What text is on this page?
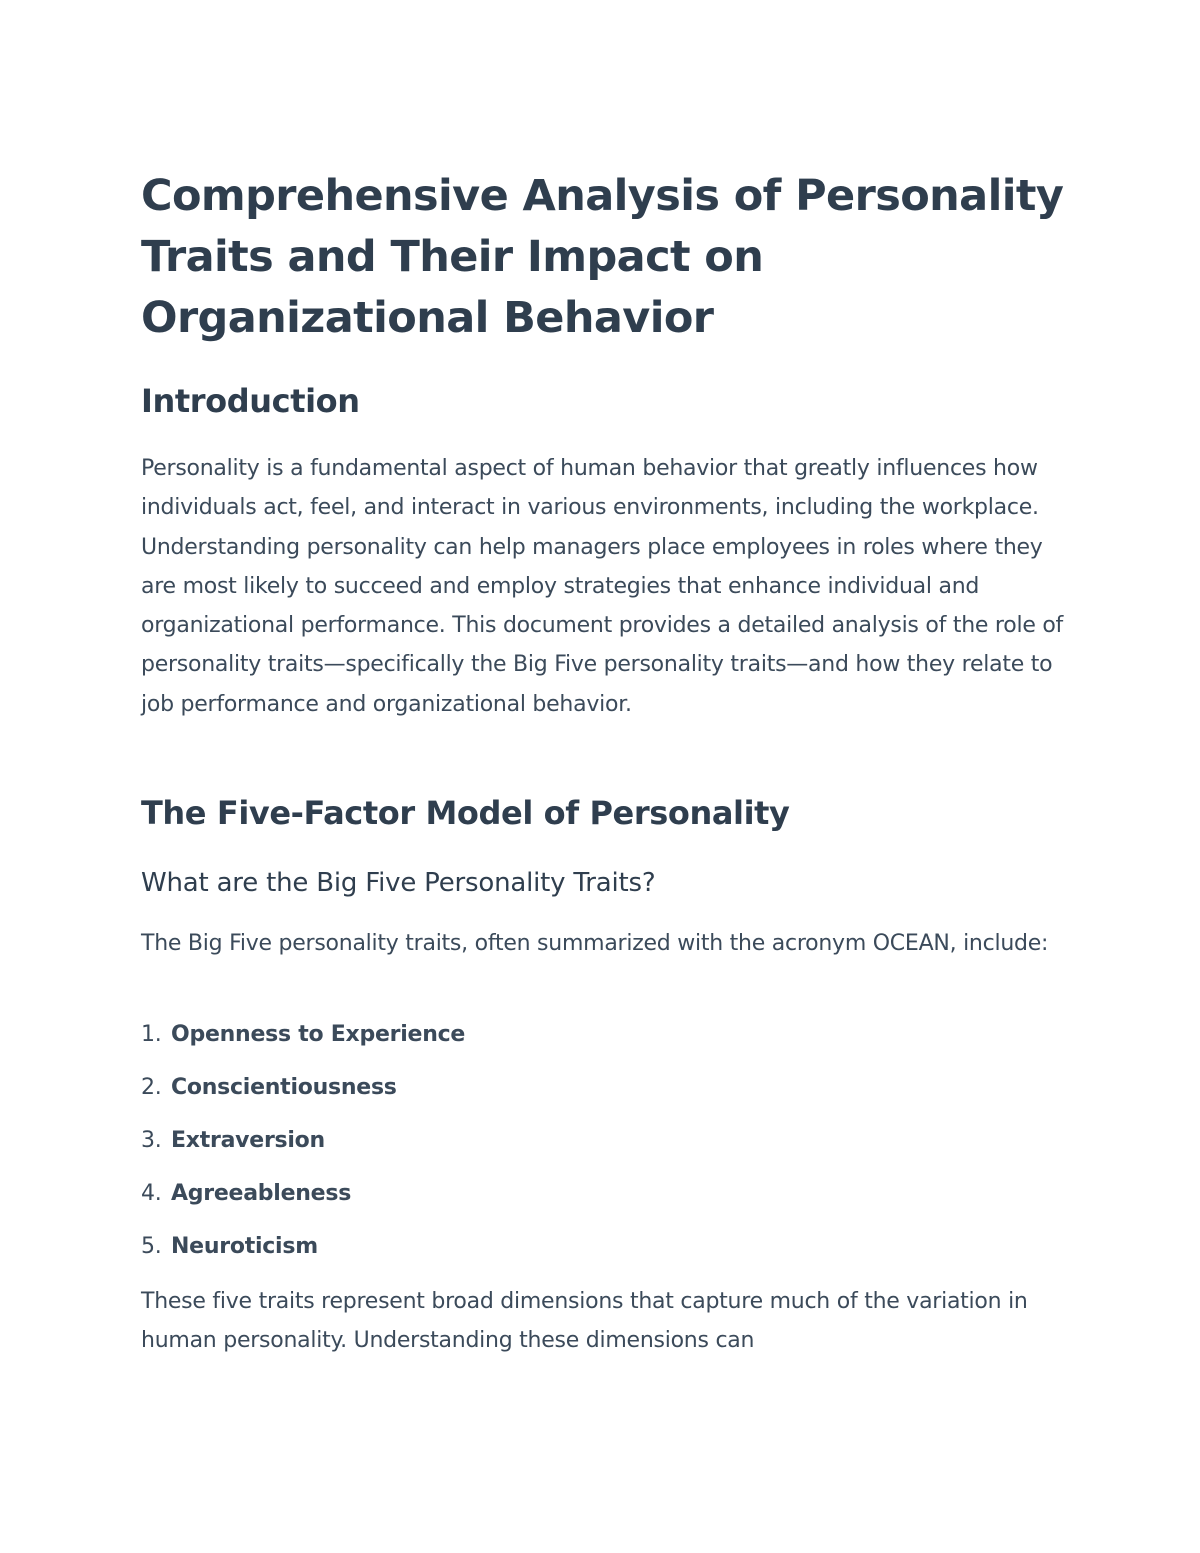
Comprehensive Analysis of Personality Traits and Their Impact on Organizational Behavior
Introduction

Personality is a fundamental aspect of human behavior that greatly influences how individuals act, feel, and interact in various environments, including the workplace. Understanding personality can help managers place employees in roles where they are most likely to succeed and employ strategies that enhance individual and organizational performance. This document provides a detailed analysis of the role of personality traits—specifically the Big Five personality traits—and how they relate to job performance and organizational behavior.

The Five-Factor Model of Personality
What are the Big Five Personality Traits?

The Big Five personality traits, often summarized with the acronym OCEAN, include:

1. Openness to Experience
2. Conscientiousness
3. Extraversion
4. Agreeableness
5. Neuroticism

These five traits represent broad dimensions that capture much of the variation in human personality. Understanding these dimensions can
